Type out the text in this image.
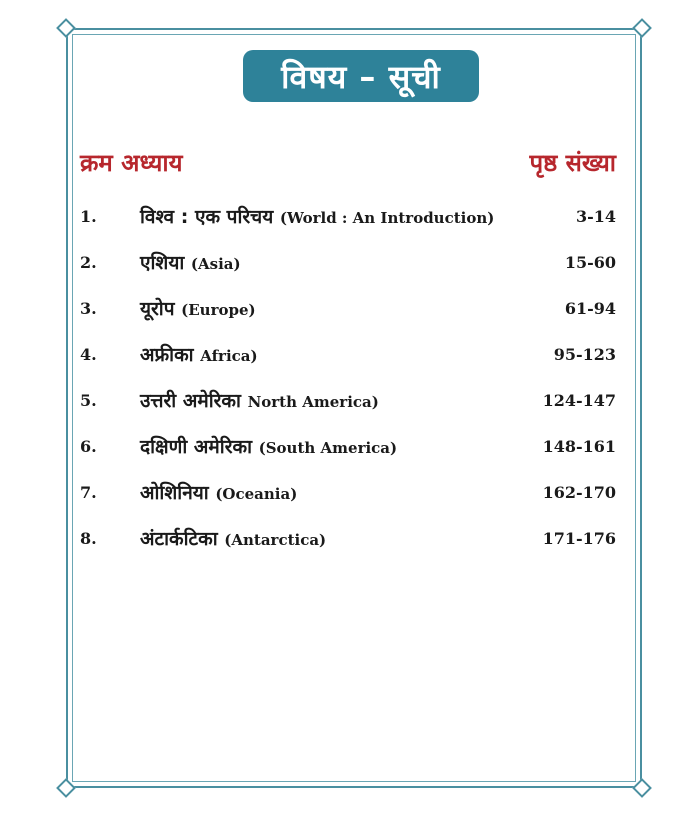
विषय – सूची
क्रम अध्याय	पृष्ठ संख्या
1. विश्व : एक परिचय (World : An Introduction)	3-14
2. एशिया (Asia)	15-60
3. यूरोप (Europe)	61-94
4. अफ्रीका Africa)	95-123
5. उत्तरी अमेरिका North America)	124-147
6. दक्षिणी अमेरिका (South America)	148-161
7. ओशिनिया (Oceania)	162-170
8. अंटार्कटिका (Antarctica)	171-176
